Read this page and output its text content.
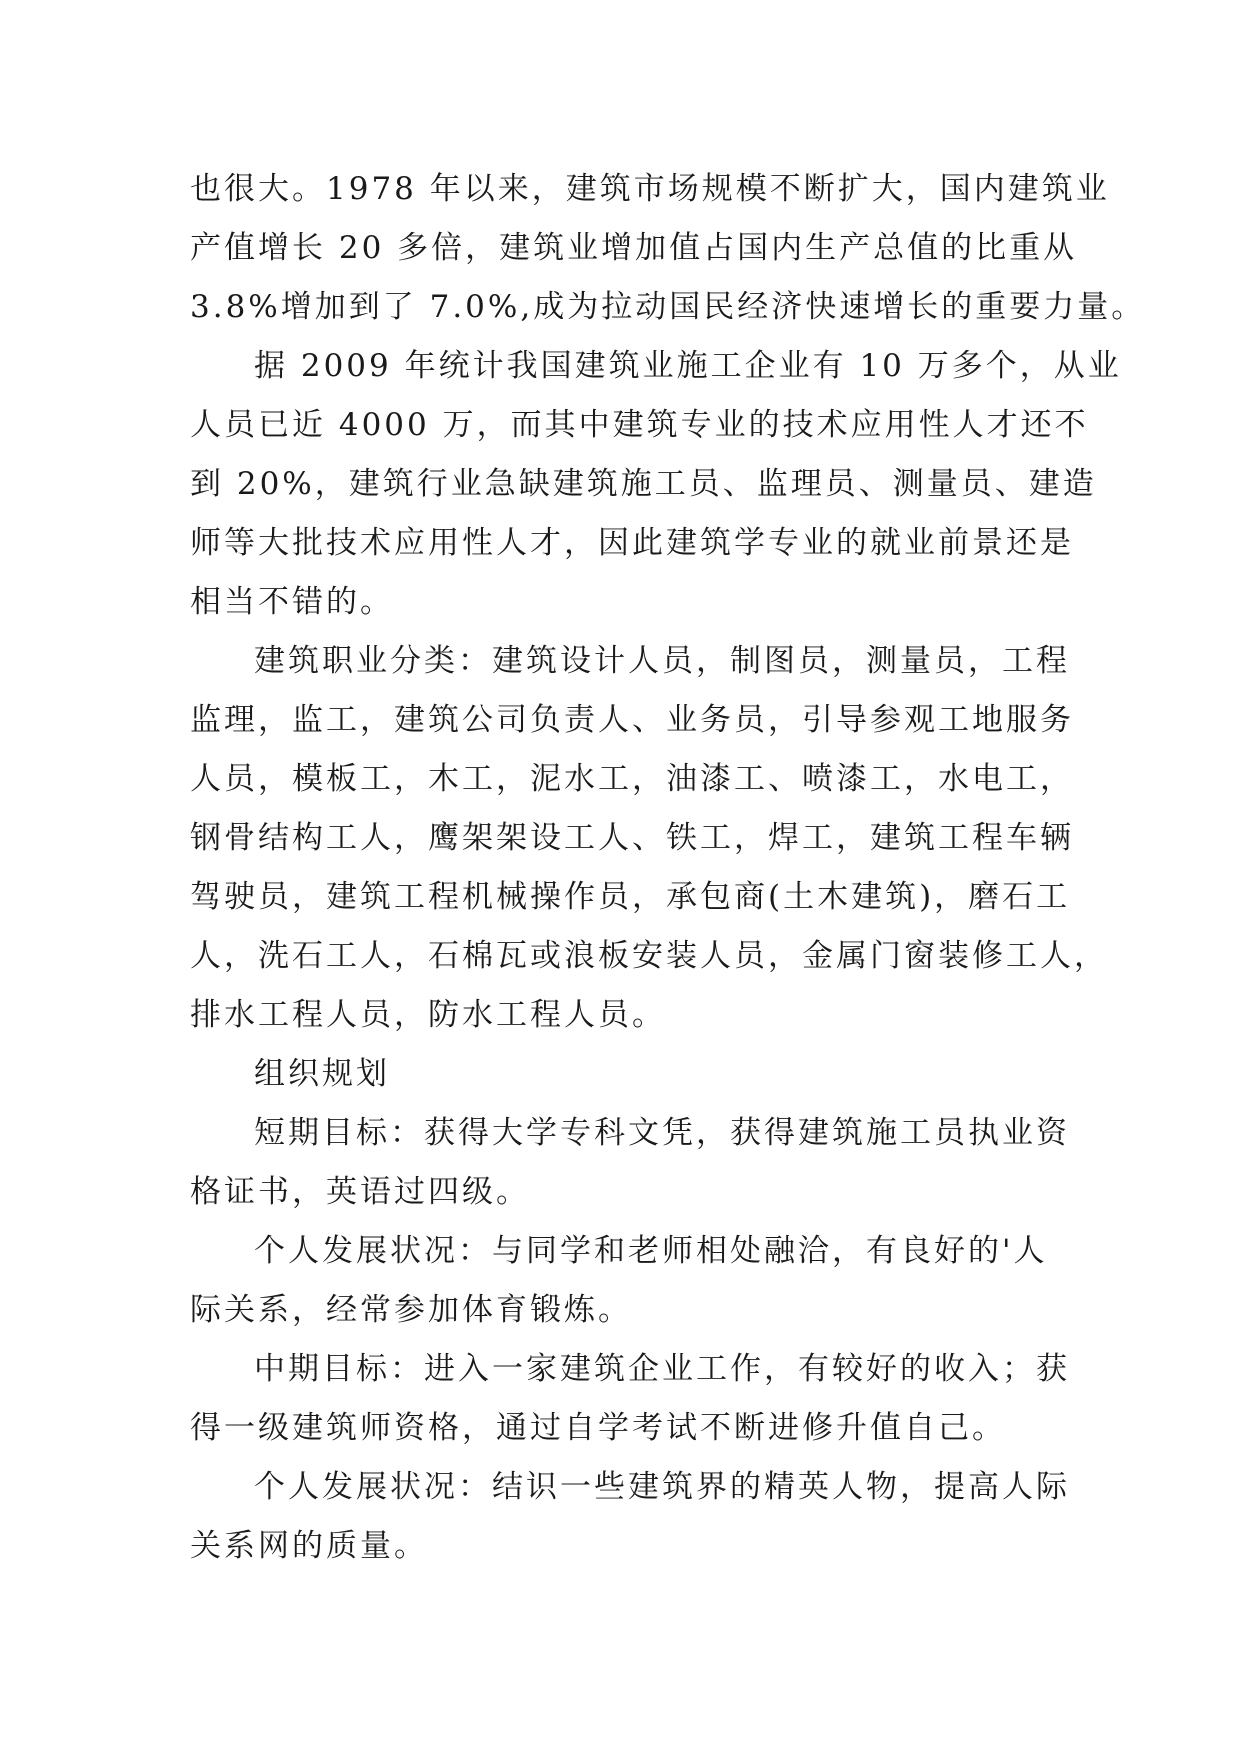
也很大。1978 年以来，建筑市场规模不断扩大，国内建筑业
产值增长 20 多倍，建筑业增加值占国内生产总值的比重从
3.8%增加到了 7.0%,成为拉动国民经济快速增长的重要力量。
据 2009 年统计我国建筑业施工企业有 10 万多个，从业
人员已近 4000 万，而其中建筑专业的技术应用性人才还不
到 20%，建筑行业急缺建筑施工员、监理员、测量员、建造
师等大批技术应用性人才，因此建筑学专业的就业前景还是
相当不错的。
建筑职业分类：建筑设计人员，制图员，测量员，工程
监理，监工，建筑公司负责人、业务员，引导参观工地服务
人员，模板工，木工，泥水工，油漆工、喷漆工，水电工，
钢骨结构工人，鹰架架设工人、铁工，焊工，建筑工程车辆
驾驶员，建筑工程机械操作员，承包商(土木建筑)，磨石工
人，洗石工人，石棉瓦或浪板安装人员，金属门窗装修工人，
排水工程人员，防水工程人员。
组织规划
短期目标：获得大学专科文凭，获得建筑施工员执业资
格证书，英语过四级。
个人发展状况：与同学和老师相处融洽，有良好的'人
际关系，经常参加体育锻炼。
中期目标：进入一家建筑企业工作，有较好的收入；获
得一级建筑师资格，通过自学考试不断进修升值自己。
个人发展状况：结识一些建筑界的精英人物，提高人际
关系网的质量。
